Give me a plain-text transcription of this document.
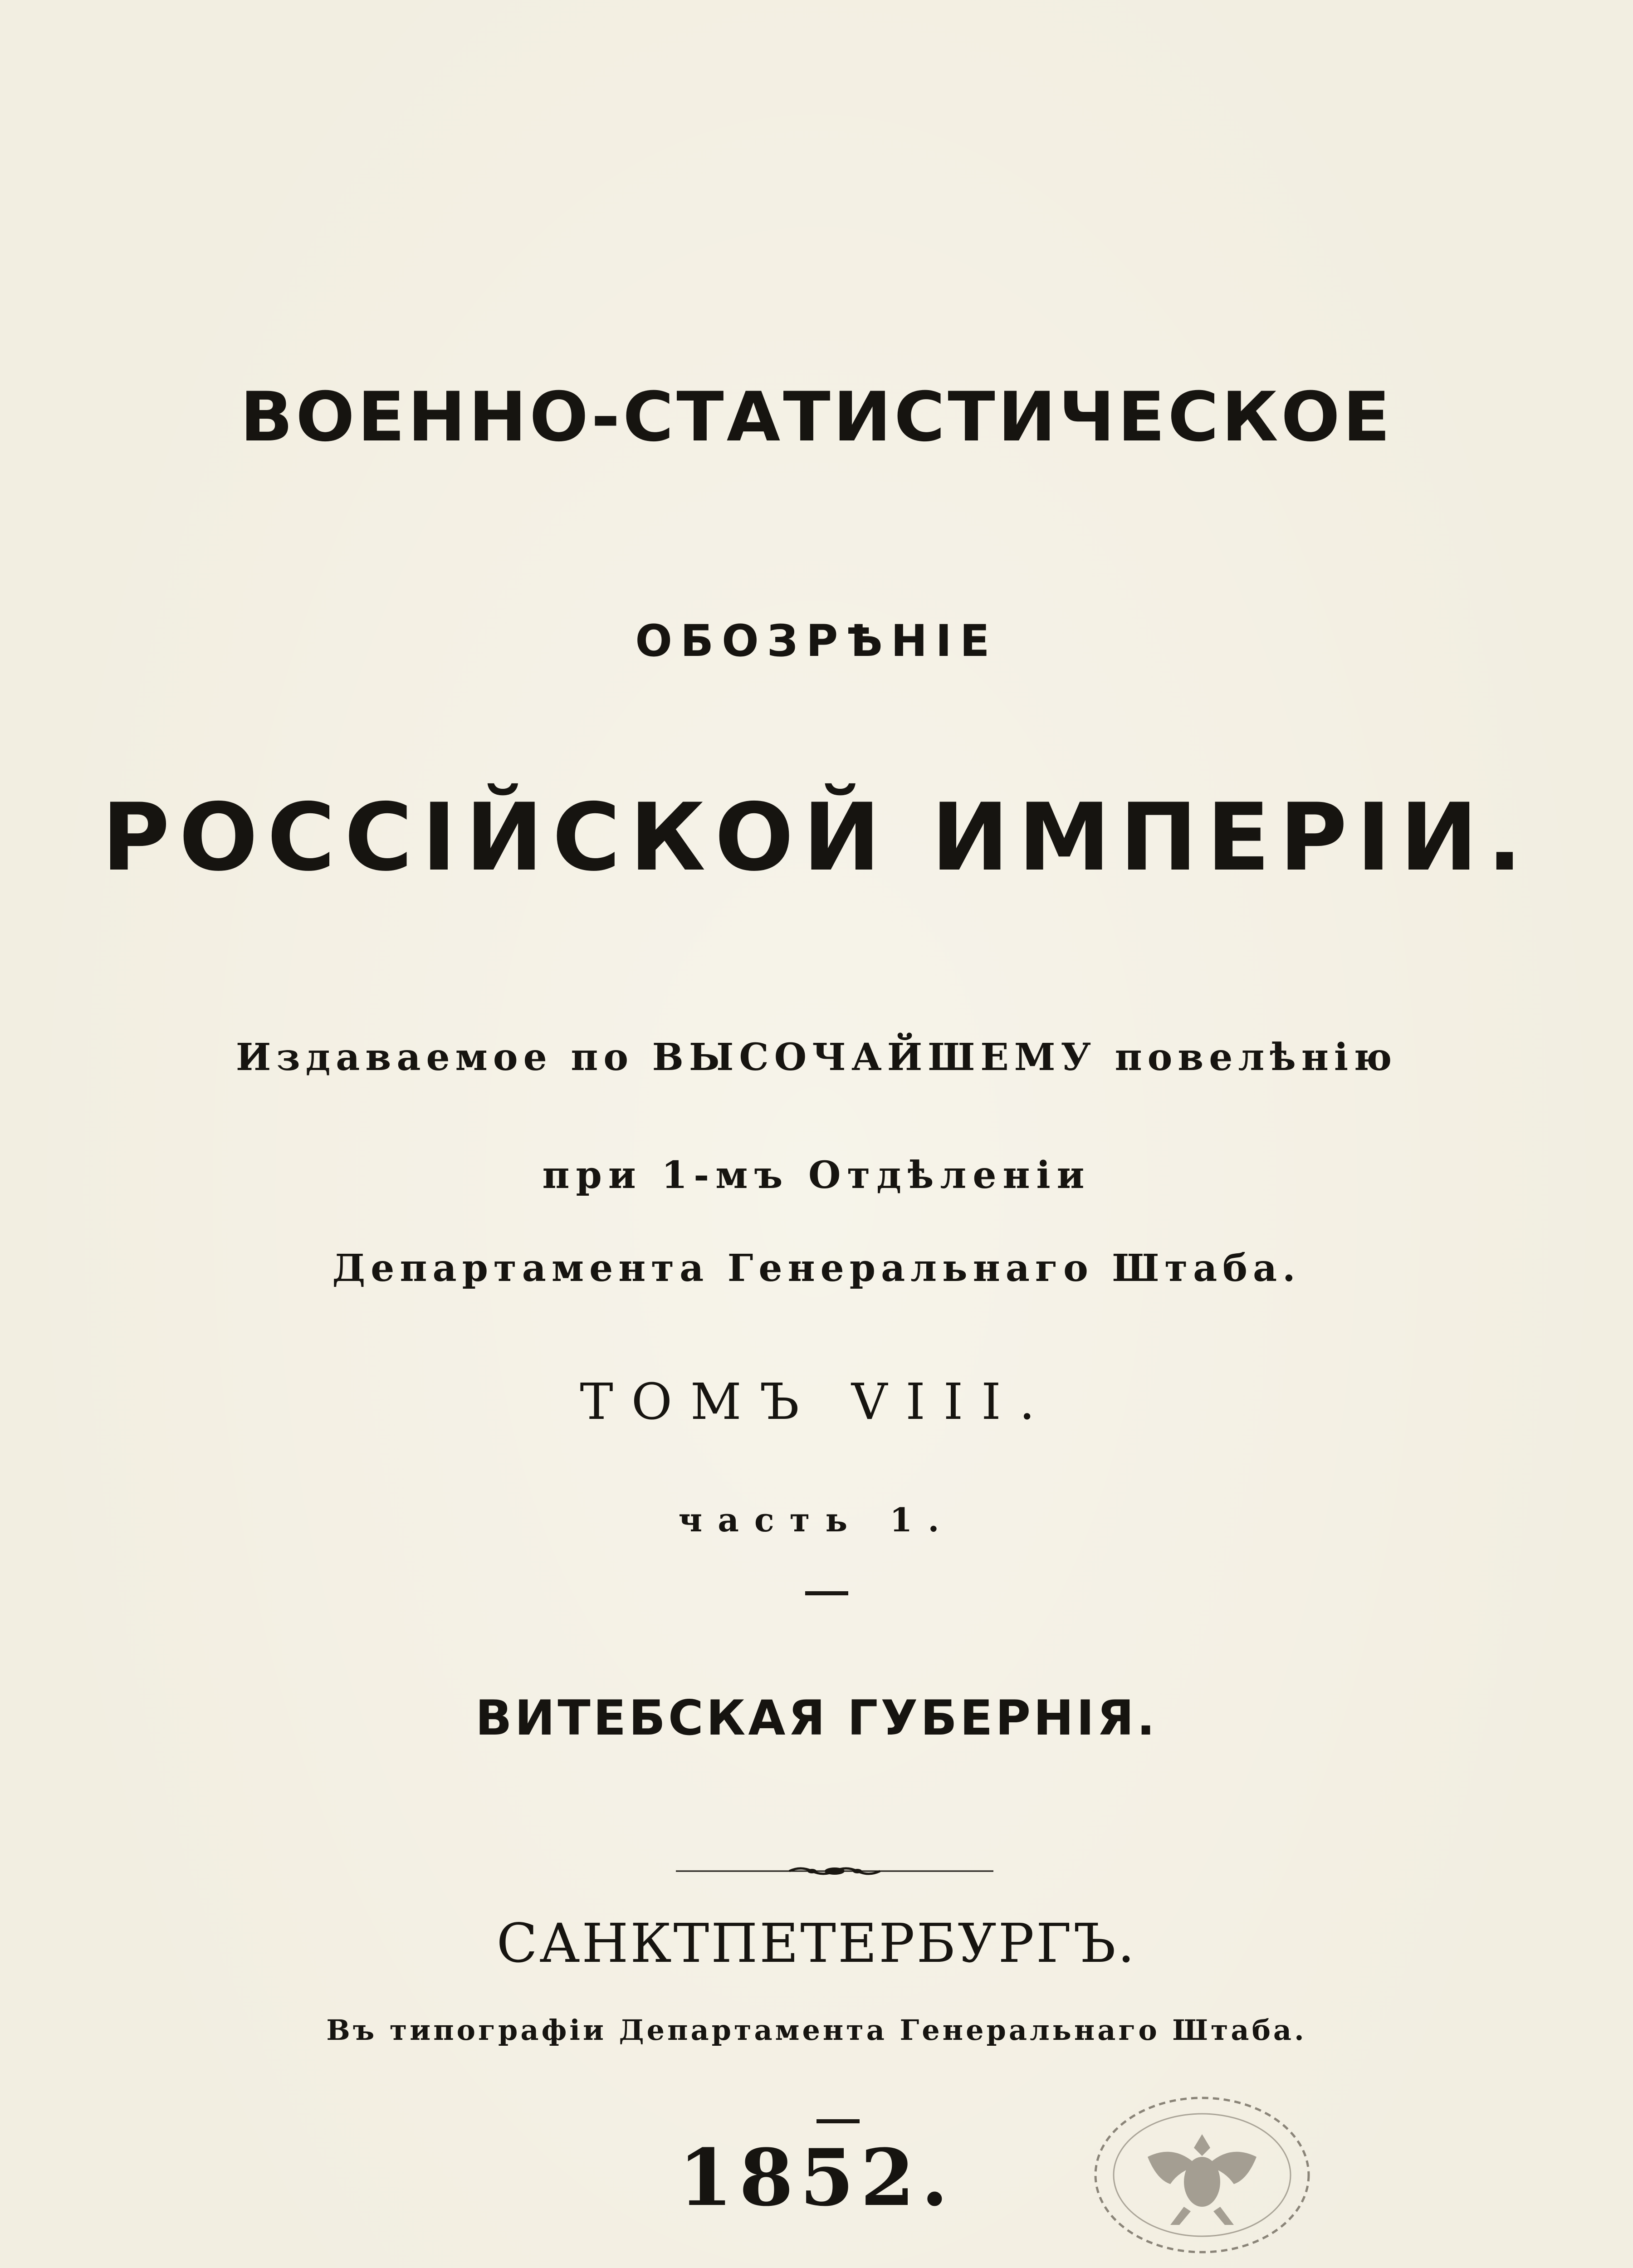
ВОЕННО-СТАТИСТИЧЕСКОЕ
ОБОЗРѢНІЕ
РОССІЙСКОЙ ИМПЕРІИ.
Издаваемое по ВЫСОЧАЙШЕМУ повелѣнію
при 1-мъ Отдѣленіи
Департамента Генеральнаго Штаба.
ТОМЪ VIII.
часть 1.
ВИТЕБСКАЯ ГУБЕРНІЯ.
САНКТПЕТЕРБУРГЪ.
Въ типографіи Департамента Генеральнаго Штаба.
1852.
